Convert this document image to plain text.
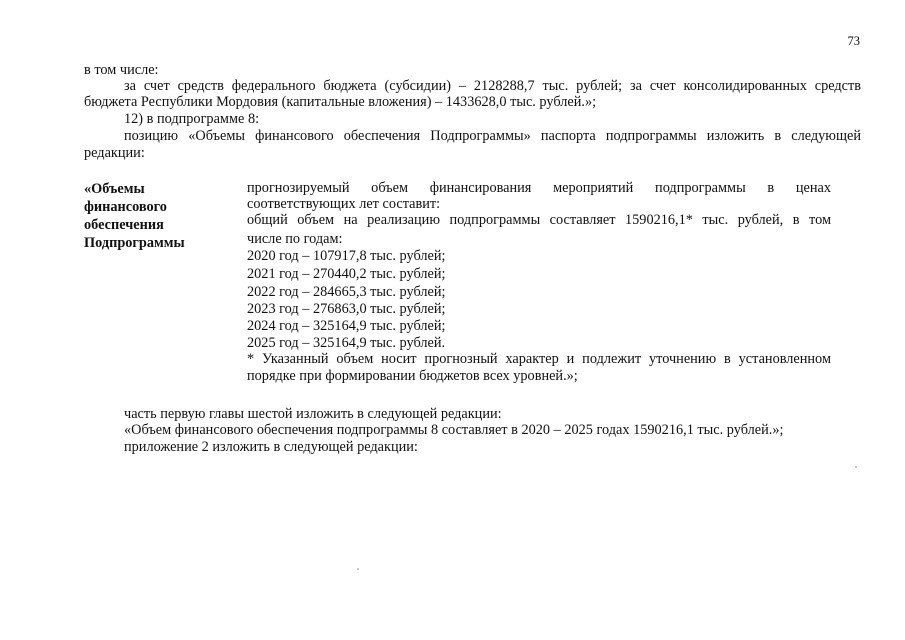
73
в том числе:
за счет средств федерального бюджета (субсидии) – 2128288,7 тыс. рублей; за счет консолидированных средств
бюджета Республики Мордовия (капитальные вложения) – 1433628,0 тыс. рублей.»;
12) в подпрограмме 8:
позицию «Объемы финансового обеспечения Подпрограммы» паспорта подпрограммы изложить в следующей
редакции:
«Объемы
финансового
обеспечения
Подпрограммы
прогнозируемый объем финансирования мероприятий подпрограммы в ценах
соответствующих лет составит:
общий объем на реализацию подпрограммы составляет 1590216,1* тыс. рублей, в том
числе по годам:
2020 год – 107917,8 тыс. рублей;
2021 год – 270440,2 тыс. рублей;
2022 год – 284665,3 тыс. рублей;
2023 год – 276863,0 тыс. рублей;
2024 год – 325164,9 тыс. рублей;
2025 год – 325164,9 тыс. рублей.
* Указанный объем носит прогнозный характер и подлежит уточнению в установленном
порядке при формировании бюджетов всех уровней.»;
часть первую главы шестой изложить в следующей редакции:
«Объем финансового обеспечения подпрограммы 8 составляет в 2020 – 2025 годах 1590216,1 тыс. рублей.»;
приложение 2 изложить в следующей редакции:
